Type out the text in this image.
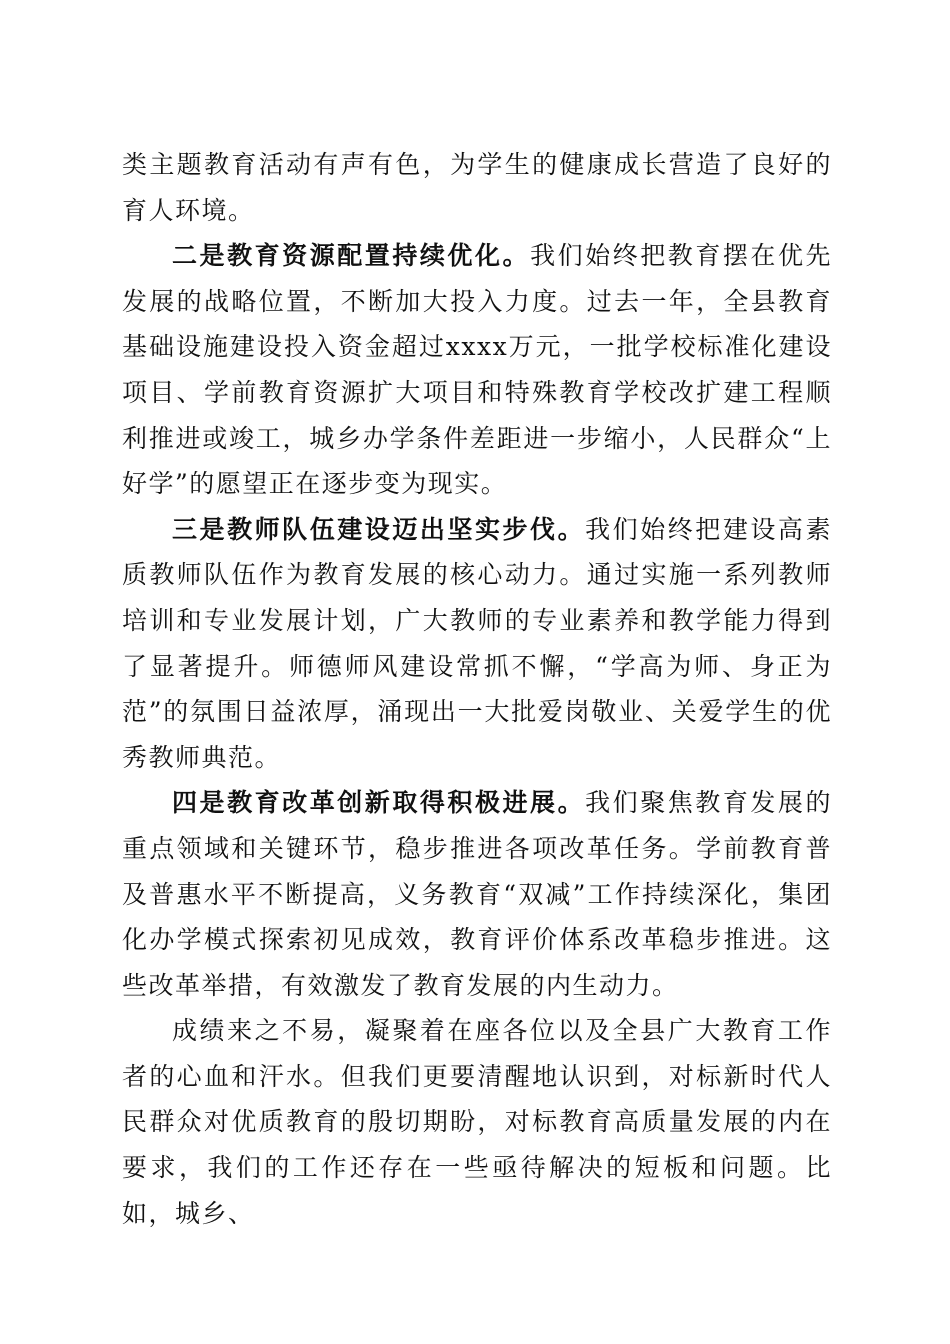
类主题教育活动有声有色，为学生的健康成长营造了良好的育人环境。

二是教育资源配置持续优化。我们始终把教育摆在优先发展的战略位置，不断加大投入力度。过去一年，全县教育基础设施建设投入资金超过xxxx万元，一批学校标准化建设项目、学前教育资源扩大项目和特殊教育学校改扩建工程顺利推进或竣工，城乡办学条件差距进一步缩小，人民群众“上好学”的愿望正在逐步变为现实。

三是教师队伍建设迈出坚实步伐。我们始终把建设高素质教师队伍作为教育发展的核心动力。通过实施一系列教师培训和专业发展计划，广大教师的专业素养和教学能力得到了显著提升。师德师风建设常抓不懈，“学高为师、身正为范”的氛围日益浓厚，涌现出一大批爱岗敬业、关爱学生的优秀教师典范。

四是教育改革创新取得积极进展。我们聚焦教育发展的重点领域和关键环节，稳步推进各项改革任务。学前教育普及普惠水平不断提高，义务教育“双减”工作持续深化，集团化办学模式探索初见成效，教育评价体系改革稳步推进。这些改革举措，有效激发了教育发展的内生动力。

成绩来之不易，凝聚着在座各位以及全县广大教育工作者的心血和汗水。但我们更要清醒地认识到，对标新时代人民群众对优质教育的殷切期盼，对标教育高质量发展的内在要求，我们的工作还存在一些亟待解决的短板和问题。比如，城乡、
